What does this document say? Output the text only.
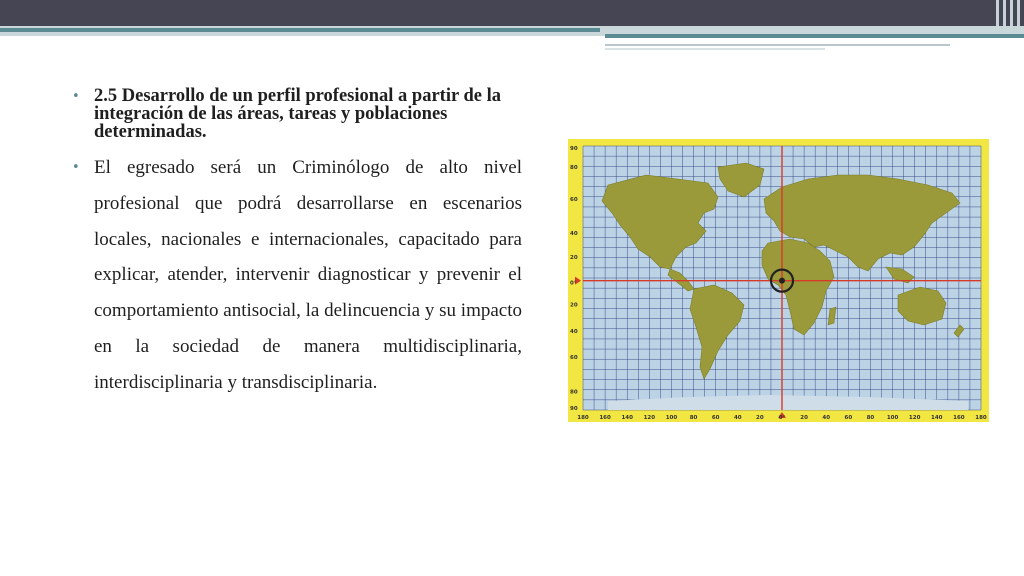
• 2.5 Desarrollo de un perfil profesional a partir de la integración de las áreas, tareas y poblaciones determinadas.
• El egresado será un Criminólogo de alto nivel profesional que podrá desarrollarse en escenarios locales, nacionales e internacionales, capacitado para explicar, atender, intervenir diagnosticar y prevenir el comportamiento antisocial, la delincuencia y su impacto en la sociedad de manera multidisciplinaria, interdisciplinaria y transdisciplinaria.
90
80
60
40
20
0°
20
40
60
80
90
180 160 140 120 100 80	60	40	20	0°	20	40	60	80 100 120 140 160 180
